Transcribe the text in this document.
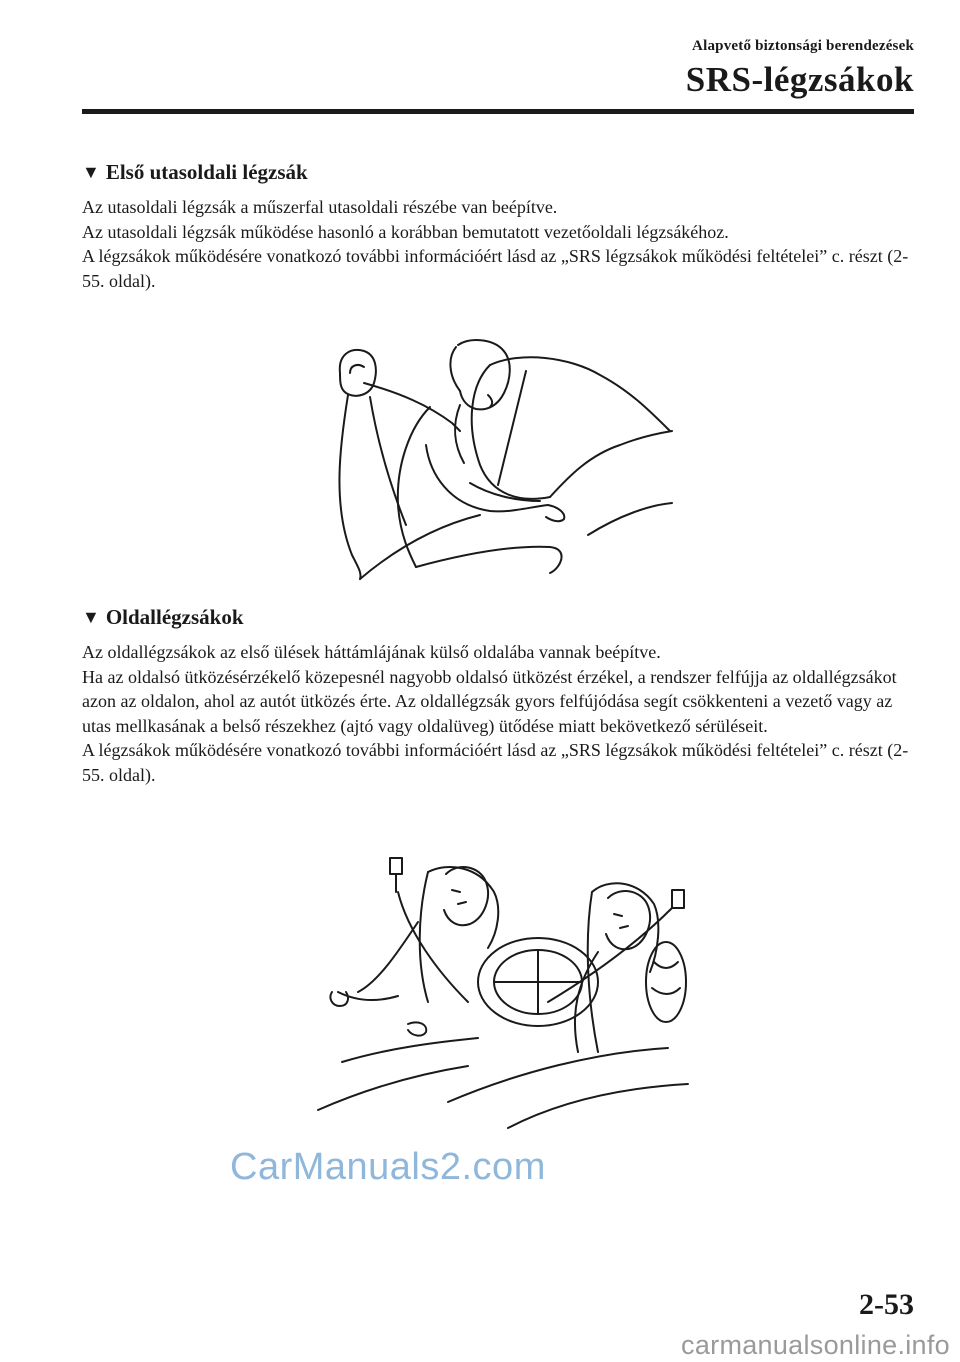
Alapvető biztonsági berendezések
SRS-légzsákok
▼ Első utasoldali légzsák

Az utasoldali légzsák a műszerfal utasoldali részébe van beépítve.

Az utasoldali légzsák működése hasonló a korábban bemutatott vezetőoldali légzsákéhoz.

A légzsákok működésére vonatkozó további információért lásd az „SRS légzsákok működési feltételei” c. részt (2-55. oldal).

▼ Oldallégzsákok

Az oldallégzsákok az első ülések háttámlájának külső oldalába vannak beépítve.

Ha az oldalsó ütközésérzékelő közepesnél nagyobb oldalsó ütközést érzékel, a rendszer felfújja az oldallégzsákot azon az oldalon, ahol az autót ütközés érte. Az oldallégzsák gyors felfújódása segít csökkenteni a vezető vagy az utas mellkasának a belső részekhez (ajtó vagy oldalüveg) ütődése miatt bekövetkező sérüléseit.

A légzsákok működésére vonatkozó további információért lásd az „SRS légzsákok működési feltételei” c. részt (2-55. oldal).

CarManuals2.com
2-53
carmanualsonline.info
